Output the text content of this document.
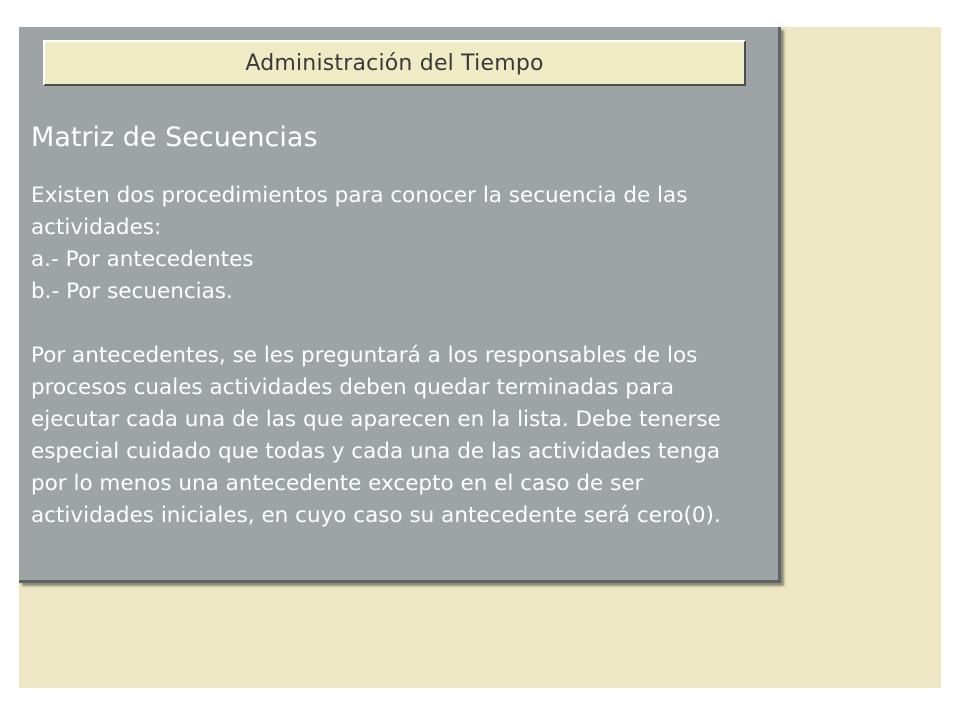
Administración del Tiempo
Matriz de Secuencias

Existen dos procedimientos para conocer la secuencia de las

actividades:

a.- Por antecedentes

b.- Por secuencias.

Por antecedentes, se les preguntará a los responsables de los

procesos cuales actividades deben quedar terminadas para

ejecutar cada una de las que aparecen en la lista. Debe tenerse

especial cuidado que todas y cada una de las actividades tenga

por lo menos una antecedente excepto en el caso de ser

actividades iniciales, en cuyo caso su antecedente será cero(0).
